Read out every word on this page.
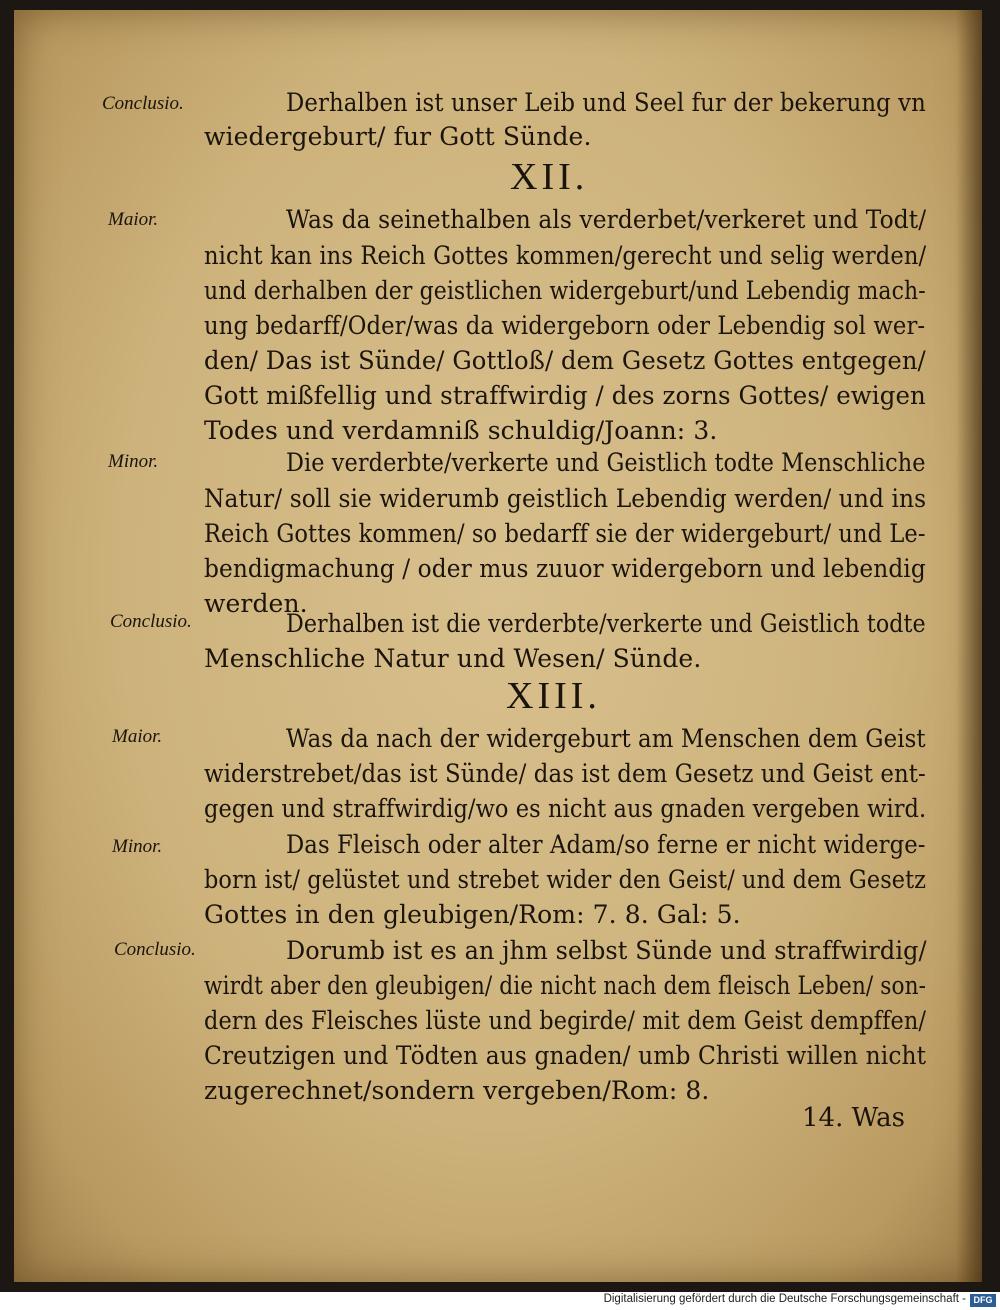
Conclusio.	Derhalben ist unser Leib und Seel fur der bekerung vn
wiedergeburt/ fur Gott Sünde.
XII.
Maior.	Was da seinethalben als verderbet/verkeret und Todt/
nicht kan ins Reich Gottes kommen/gerecht und selig werden/
und derhalben der geistlichen widergeburt/und Lebendig mach-
ung bedarff/Oder/was da widergeborn oder Lebendig sol wer-
den/ Das ist Sünde/ Gottloß/ dem Gesetz Gottes entgegen/
Gott mißfellig und straffwirdig / des zorns Gottes/ ewigen
Todes und verdamniß schuldig/Joann: 3.
Minor.	Die verderbte/verkerte und Geistlich todte Menschliche
Natur/ soll sie widerumb geistlich Lebendig werden/ und ins
Reich Gottes kommen/ so bedarff sie der widergeburt/ und Le-
bendigmachung / oder mus zuuor widergeborn und lebendig
werden.
Conclusio.	Derhalben ist die verderbte/verkerte und Geistlich todte
Menschliche Natur und Wesen/ Sünde.
XIII.
Maior.	Was da nach der widergeburt am Menschen dem Geist
widerstrebet/das ist Sünde/ das ist dem Gesetz und Geist ent-
gegen und straffwirdig/wo es nicht aus gnaden vergeben wird.
Minor.	Das Fleisch oder alter Adam/so ferne er nicht widerge-
born ist/ gelüstet und strebet wider den Geist/ und dem Gesetz
Gottes in den gleubigen/Rom: 7. 8. Gal: 5.
Conclusio.	Dorumb ist es an jhm selbst Sünde und straffwirdig/
wirdt aber den gleubigen/ die nicht nach dem fleisch Leben/ son-
dern des Fleisches lüste und begirde/ mit dem Geist dempffen/
Creutzigen und Tödten aus gnaden/ umb Christi willen nicht
zugerechnet/sondern vergeben/Rom: 8.
14. Was
Digitalisierung gefördert durch die Deutsche Forschungsgemeinschaft - DFG
